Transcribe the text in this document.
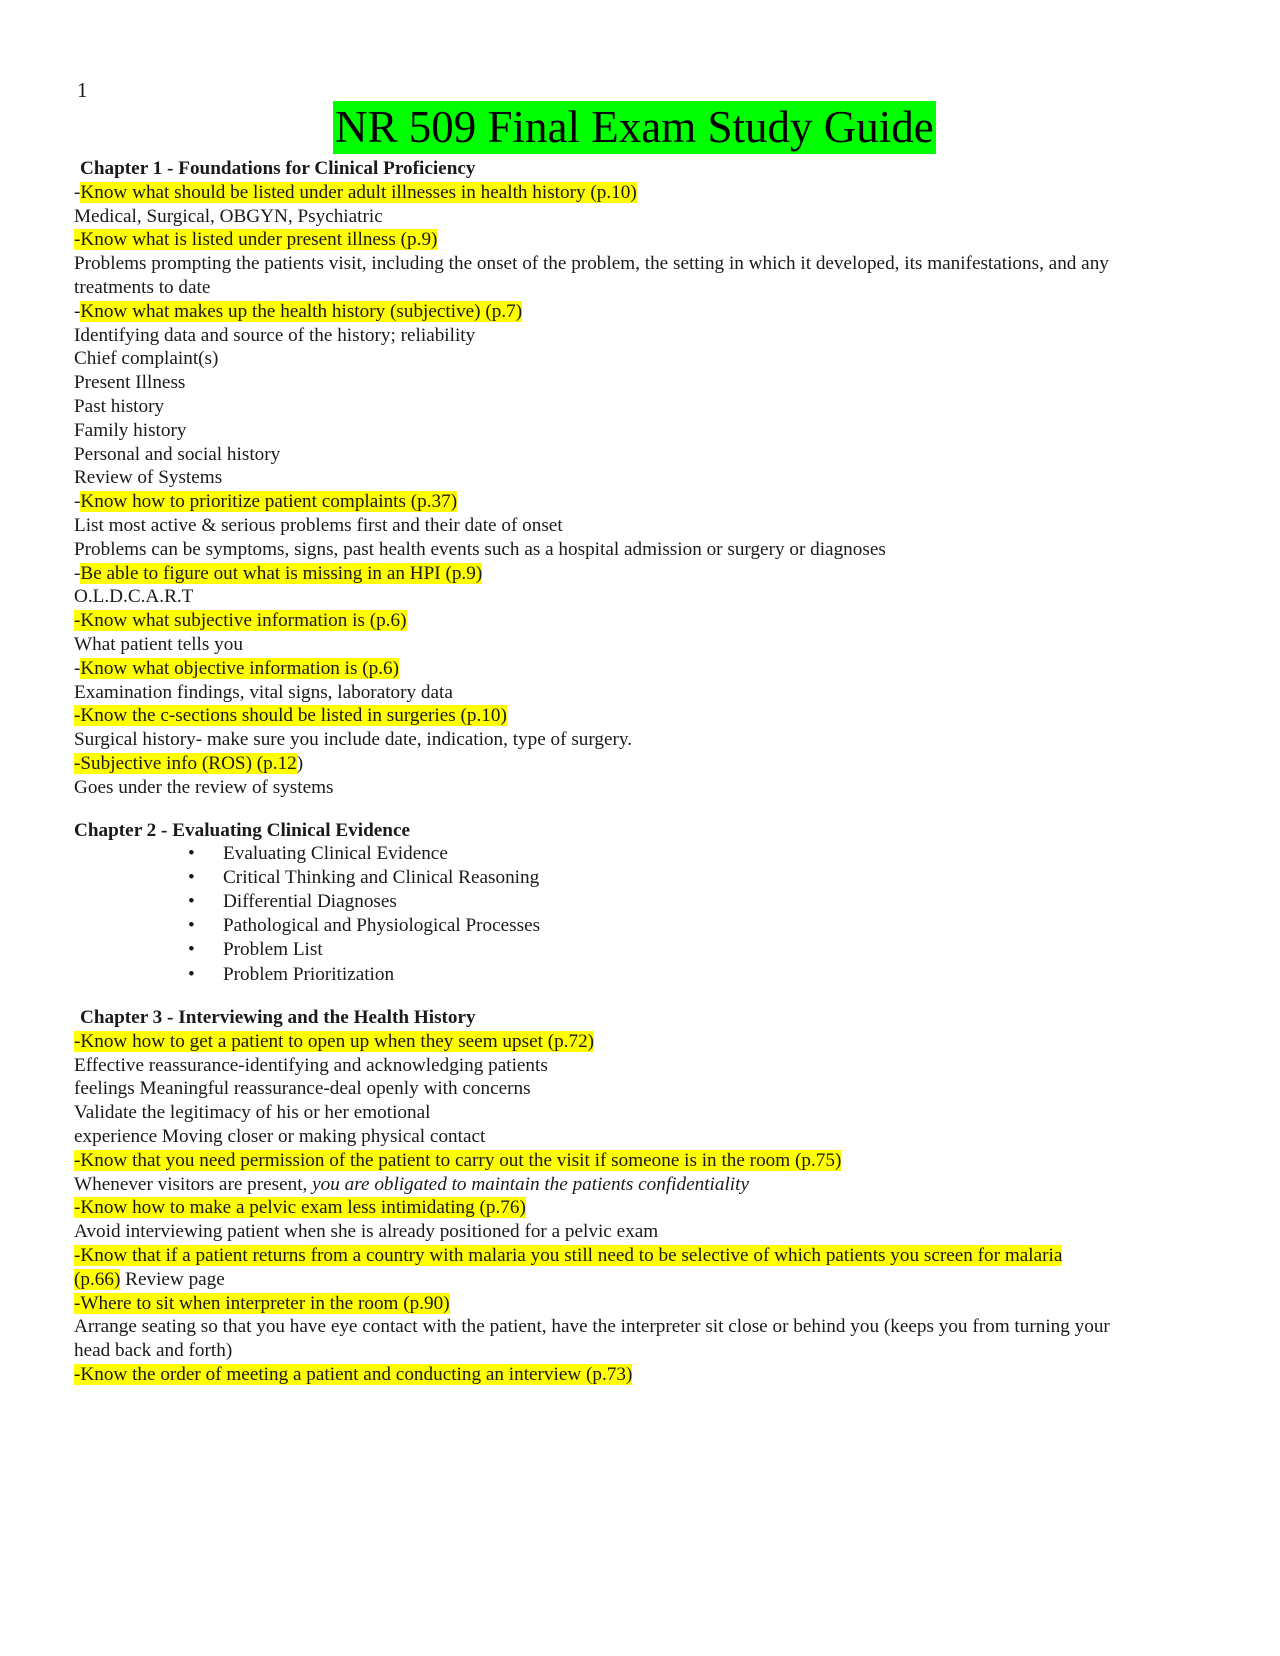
1
NR 509 Final Exam Study Guide
Chapter 1 - Foundations for Clinical Proficiency
-Know what should be listed under adult illnesses in health history (p.10)
Medical, Surgical, OBGYN, Psychiatric
-Know what is listed under present illness (p.9)
Problems prompting the patients visit, including the onset of the problem, the setting in which it developed, its manifestations, and any
treatments to date
-Know what makes up the health history (subjective) (p.7)
Identifying data and source of the history; reliability
Chief complaint(s)
Present Illness
Past history
Family history
Personal and social history
Review of Systems
-Know how to prioritize patient complaints (p.37)
List most active & serious problems first and their date of onset
Problems can be symptoms, signs, past health events such as a hospital admission or surgery or diagnoses
-Be able to figure out what is missing in an HPI (p.9)
O.L.D.C.A.R.T
-Know what subjective information is (p.6)
What patient tells you
-Know what objective information is (p.6)
Examination findings, vital signs, laboratory data
-Know the c-sections should be listed in surgeries (p.10)
Surgical history- make sure you include date, indication, type of surgery.
-Subjective info (ROS) (p.12)
Goes under the review of systems
Chapter 2 - Evaluating Clinical Evidence
• Evaluating Clinical Evidence
• Critical Thinking and Clinical Reasoning
• Differential Diagnoses
• Pathological and Physiological Processes
• Problem List
• Problem Prioritization
Chapter 3 - Interviewing and the Health History
-Know how to get a patient to open up when they seem upset (p.72)
Effective reassurance-identifying and acknowledging patients
feelings Meaningful reassurance-deal openly with concerns
Validate the legitimacy of his or her emotional
experience Moving closer or making physical contact
-Know that you need permission of the patient to carry out the visit if someone is in the room (p.75)
Whenever visitors are present, you are obligated to maintain the patients confidentiality
-Know how to make a pelvic exam less intimidating (p.76)
Avoid interviewing patient when she is already positioned for a pelvic exam
-Know that if a patient returns from a country with malaria you still need to be selective of which patients you screen for malaria
(p.66) Review page
-Where to sit when interpreter in the room (p.90)
Arrange seating so that you have eye contact with the patient, have the interpreter sit close or behind you (keeps you from turning your
head back and forth)
-Know the order of meeting a patient and conducting an interview (p.73)
